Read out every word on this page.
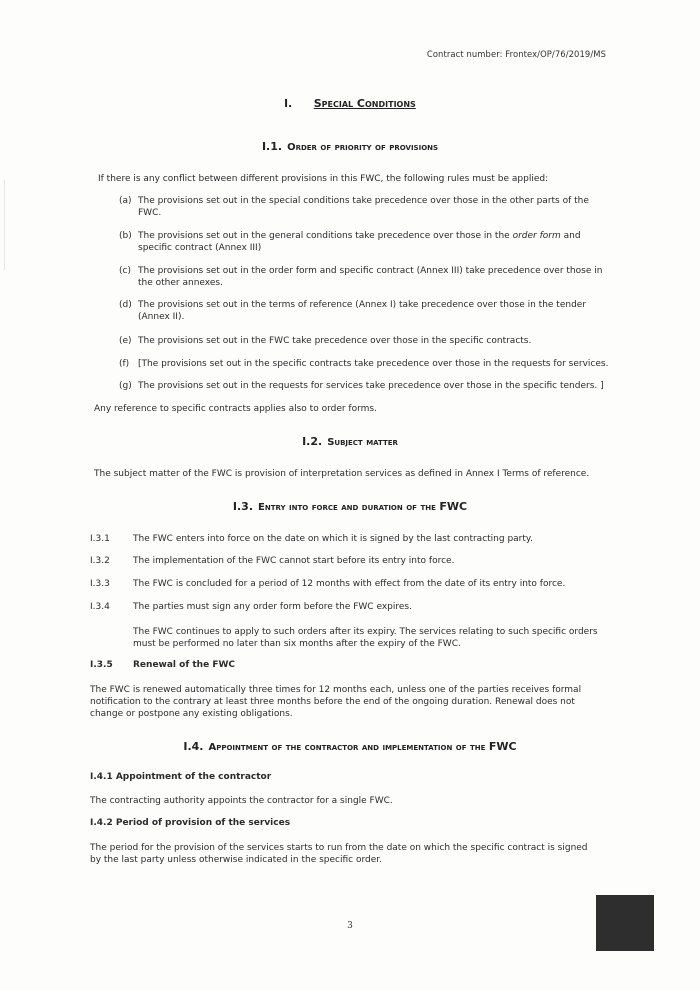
Contract number: Frontex/OP/76/2019/MS
I. Special Conditions
I.1. Order of priority of provisions

If there is any conflict between different provisions in this FWC, the following rules must be applied:

(a) The provisions set out in the special conditions take precedence over those in the other parts of the
FWC.
(b) The provisions set out in the general conditions take precedence over those in the order form and
specific contract (Annex III)
(c) The provisions set out in the order form and specific contract (Annex III) take precedence over those in
the other annexes.
(d) The provisions set out in the terms of reference (Annex I) take precedence over those in the tender
(Annex II).
(e) The provisions set out in the FWC take precedence over those in the specific contracts.
(f) [The provisions set out in the specific contracts take precedence over those in the requests for services.
(g) The provisions set out in the requests for services take precedence over those in the specific tenders. ]

Any reference to specific contracts applies also to order forms.

I.2. Subject matter

The subject matter of the FWC is provision of interpretation services as defined in Annex I Terms of reference.

I.3. Entry into force and duration of the FWC
I.3.1	The FWC enters into force on the date on which it is signed by the last contracting party.
I.3.2	The implementation of the FWC cannot start before its entry into force.
I.3.3	The FWC is concluded for a period of 12 months with effect from the date of its entry into force.
I.3.4	The parties must sign any order form before the FWC expires.
The FWC continues to apply to such orders after its expiry. The services relating to such specific orders
must be performed no later than six months after the expiry of the FWC.
I.3.5 Renewal of the FWC

The FWC is renewed automatically three times for 12 months each, unless one of the parties receives formal

notification to the contrary at least three months before the end of the ongoing duration. Renewal does not

change or postpone any existing obligations.

I.4. Appointment of the contractor and implementation of the FWC

I.4.1 Appointment of the contractor

The contracting authority appoints the contractor for a single FWC.

I.4.2 Period of provision of the services

The period for the provision of the services starts to run from the date on which the specific contract is signed

by the last party unless otherwise indicated in the specific order.

3
